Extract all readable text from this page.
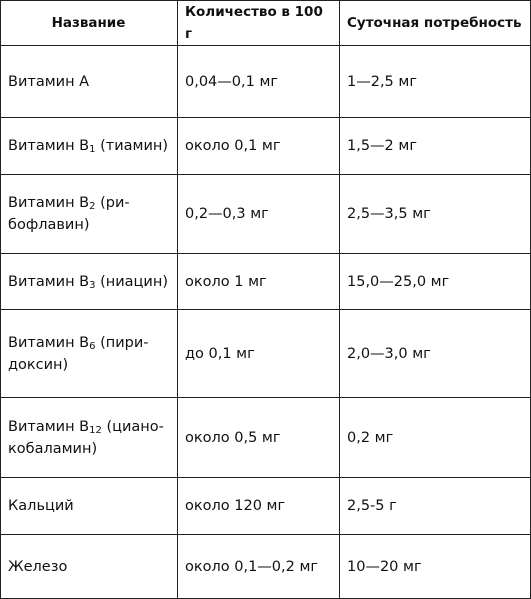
Название	Количество в 100 г	Суточная потребность
Витамин A	0,04—0,1 мг	1—2,5 мг
Витамин $B_1$ (тиамин)	около 0,1 мг	1,5—2 мг
Витамин $B_2$ (ри-
бофлавин)	0,2—0,3 мг	2,5—3,5 мг
Витамин $B_3$ (ниацин)	около 1 мг	15,0—25,0 мг
Витамин $B_6$ (пири-
доксин)	до 0,1 мг	2,0—3,0 мг
Витамин $B_{12}$ (циано-
кобаламин)	около 0,5 мг	0,2 мг
Кальций	около 120 мг	2,5-5 г
Железо	около 0,1—0,2 мг	10—20 мг
